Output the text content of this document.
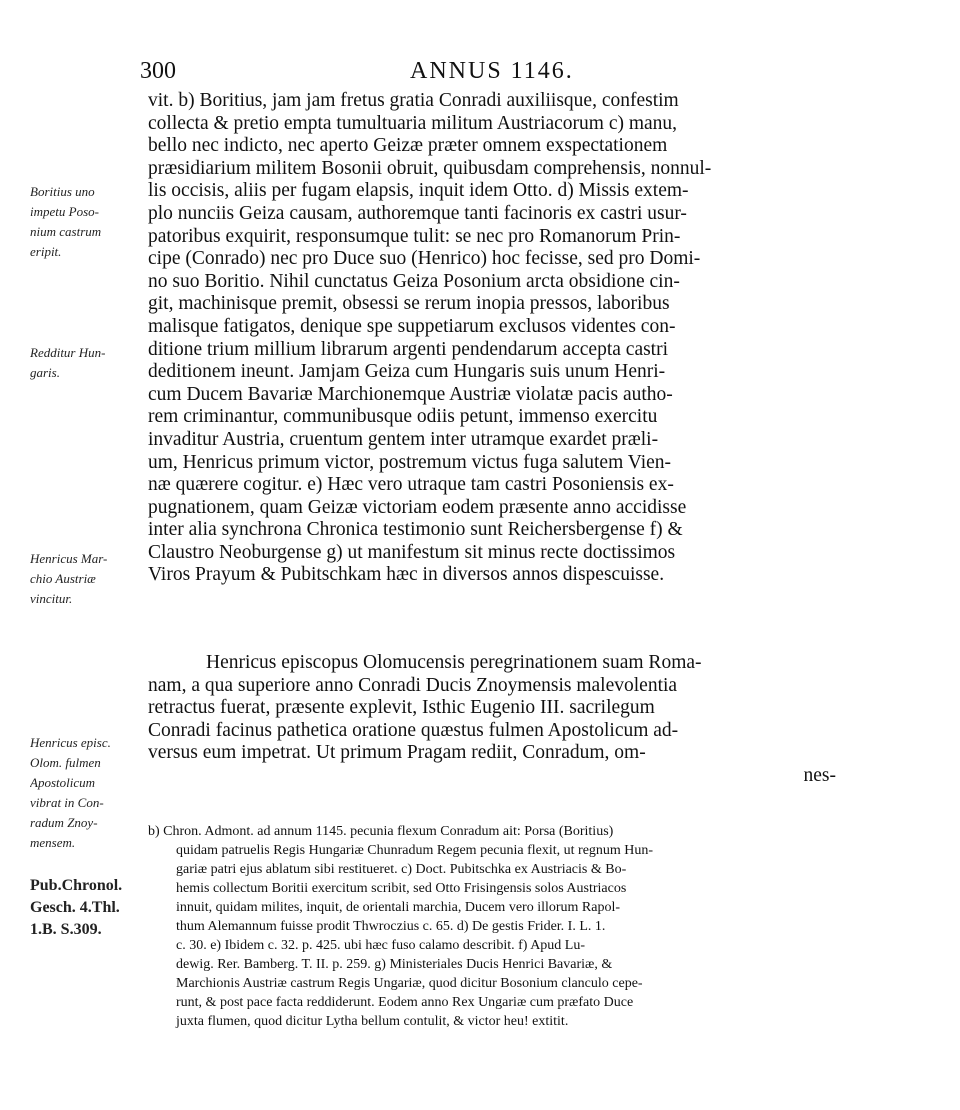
300	ANNUS 1146.
Boritius uno
impetu Poso-
nium castrum
eripit.
Redditur Hun-
garis.
Henricus Mar-
chio Austriæ
vincitur.
Henricus episc.
Olom. fulmen
Apostolicum
vibrat in Con-
radum Znoy-
mensem.
Pub.Chronol.
Gesch. 4.Thl.
1.B. S.309.
vit. b) Boritius, jam jam fretus gratia Conradi auxiliisque, confestim
collecta & pretio empta tumultuaria militum Austriacorum c) manu,
bello nec indicto, nec aperto Geizæ præter omnem exspectationem
præsidiarium militem Bosonii obruit, quibusdam comprehensis, nonnul-
lis occisis, aliis per fugam elapsis, inquit idem Otto. d) Missis extem-
plo nunciis Geiza causam, authoremque tanti facinoris ex castri usur-
patoribus exquirit, responsumque tulit: se nec pro Romanorum Prin-
cipe (Conrado) nec pro Duce suo (Henrico) hoc fecisse, sed pro Domi-
no suo Boritio. Nihil cunctatus Geiza Posonium arcta obsidione cin-
git, machinisque premit, obsessi se rerum inopia pressos, laboribus
malisque fatigatos, denique spe suppetiarum exclusos videntes con-
ditione trium millium librarum argenti pendendarum accepta castri
deditionem ineunt. Jamjam Geiza cum Hungaris suis unum Henri-
cum Ducem Bavariæ Marchionemque Austriæ violatæ pacis autho-
rem criminantur, communibusque odiis petunt, immenso exercitu
invaditur Austria, cruentum gentem inter utramque exardet præli-
um, Henricus primum victor, postremum victus fuga salutem Vien-
næ quærere cogitur. e) Hæc vero utraque tam castri Posoniensis ex-
pugnationem, quam Geizæ victoriam eodem præsente anno accidisse
inter alia synchrona Chronica testimonio sunt Reichersbergense f) &
Claustro Neoburgense g) ut manifestum sit minus recte doctissimos
Viros Prayum & Pubitschkam hæc in diversos annos dispescuisse.
Henricus episcopus Olomucensis peregrinationem suam Roma-
nam, a qua superiore anno Conradi Ducis Znoymensis malevolentia
retractus fuerat, præsente explevit, Isthic Eugenio III. sacrilegum
Conradi facinus pathetica oratione quæstus fulmen Apostolicum ad-
versus eum impetrat. Ut primum Pragam rediit, Conradum, om-
nes-
b) Chron. Admont. ad annum 1145. pecunia flexum Conradum ait: Porsa (Boritius)
quidam patruelis Regis Hungariæ Chunradum Regem pecunia flexit, ut regnum Hun-
gariæ patri ejus ablatum sibi restitueret. c) Doct. Pubitschka ex Austriacis & Bo-
hemis collectum Boritii exercitum scribit, sed Otto Frisingensis solos Austriacos
innuit, quidam milites, inquit, de orientali marchia, Ducem vero illorum Rapol-
thum Alemannum fuisse prodit Thwroczius c. 65. d) De gestis Frider. I. L. 1.
c. 30. e) Ibidem c. 32. p. 425. ubi hæc fuso calamo describit. f) Apud Lu-
dewig. Rer. Bamberg. T. II. p. 259. g) Ministeriales Ducis Henrici Bavariæ, &
Marchionis Austriæ castrum Regis Ungariæ, quod dicitur Bosonium clanculo cepe-
runt, & post pace facta reddiderunt. Eodem anno Rex Ungariæ cum præfato Duce
juxta flumen, quod dicitur Lytha bellum contulit, & victor heu! extitit.
